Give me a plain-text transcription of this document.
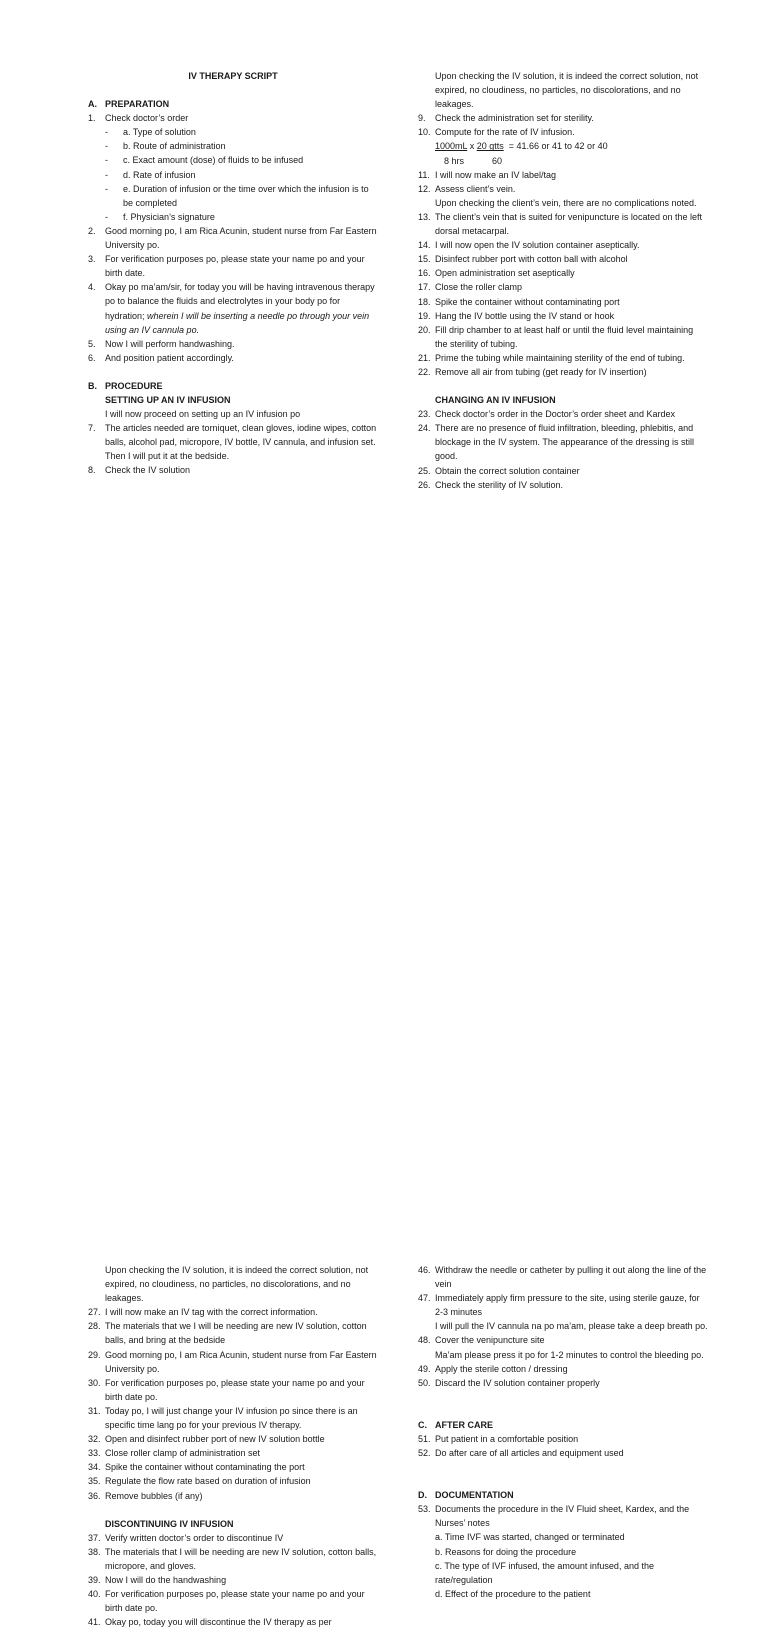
IV THERAPY SCRIPT
A. PREPARATION
1.	Check doctor’s order
-	a. Type of solution
-	b. Route of administration
-	c. Exact amount (dose) of fluids to be infused
-	d. Rate of infusion
-	e. Duration of infusion or the time over which the infusion is to be completed
-	f. Physician’s signature
2.	Good morning po, I am Rica Acunin, student nurse from Far Eastern University po.
3.	For verification purposes po, please state your name po and your birth date.
4.	Okay po ma’am/sir, for today you will be having intravenous therapy po to balance the fluids and electrolytes in your body po for hydration; wherein I will be inserting a needle po through your vein using an IV cannula po.
5.	Now I will perform handwashing.
6.	And position patient accordingly.
B. PROCEDURE
SETTING UP AN IV INFUSION
I will now proceed on setting up an IV infusion po
7.	The articles needed are torniquet, clean gloves, iodine wipes, cotton balls, alcohol pad, micropore, IV bottle, IV cannula, and infusion set. Then I will put it at the bedside.
8.	Check the IV solution
Upon checking the IV solution, it is indeed the correct solution, not expired, no cloudiness, no particles, no discolorations, and no leakages.
9.	Check the administration set for sterility.
10. Compute for the rate of IV infusion.
1000mL x 20 gtts  = 41.66 or 41 to 42 or 40
8 hrs	60
11. I will now make an IV label/tag
12. Assess client’s vein.
Upon checking the client’s vein, there are no complications noted.
13. The client’s vein that is suited for venipuncture is located on the left dorsal metacarpal.
14. I will now open the IV solution container aseptically.
15. Disinfect rubber port with cotton ball with alcohol
16. Open administration set aseptically
17. Close the roller clamp
18. Spike the container without contaminating port
19. Hang the IV bottle using the IV stand or hook
20. Fill drip chamber to at least half or until the fluid level maintaining the sterility of tubing.
21. Prime the tubing while maintaining sterility of the end of tubing.
22. Remove all air from tubing (get ready for IV insertion)
CHANGING AN IV INFUSION
23. Check doctor’s order in the Doctor’s order sheet and Kardex
24. There are no presence of fluid infiltration, bleeding, phlebitis, and blockage in the IV system. The appearance of the dressing is still good.
25. Obtain the correct solution container
26. Check the sterility of IV solution.
Upon checking the IV solution, it is indeed the correct solution, not expired, no cloudiness, no particles, no discolorations, and no leakages.
27. I will now make an IV tag with the correct information.
28. The materials that we I will be needing are new IV solution, cotton balls, and bring at the bedside
29. Good morning po, I am Rica Acunin, student nurse from Far Eastern University po.
30. For verification purposes po, please state your name po and your birth date po.
31. Today po, I will just change your IV infusion po since there is an specific time lang po for your previous IV therapy.
32. Open and disinfect rubber port of new IV solution bottle
33. Close roller clamp of administration set
34. Spike the container without contaminating the port
35. Regulate the flow rate based on duration of infusion
36. Remove bubbles (if any)
DISCONTINUING IV INFUSION
37. Verify written doctor’s order to discontinue IV
38. The materials that I will be needing are new IV solution, cotton balls, micropore, and gloves.
39. Now I will do the handwashing
40. For verification purposes po, please state your name po and your birth date po.
41. Okay po, today you will discontinue the IV therapy as per
46. Withdraw the needle or catheter by pulling it out along the line of the vein
47. Immediately apply firm pressure to the site, using sterile gauze, for 2-3 minutes
I will pull the IV cannula na po ma’am, please take a deep breath po.
48. Cover the venipuncture site
Ma’am please press it po for 1-2 minutes to control the bleeding po.
49. Apply the sterile cotton / dressing
50. Discard the IV solution container properly
C. AFTER CARE
51. Put patient in a comfortable position
52. Do after care of all articles and equipment used
D. DOCUMENTATION
53. Documents the procedure in the IV Fluid sheet, Kardex, and the Nurses’ notes
a. Time IVF was started, changed or terminated
b. Reasons for doing the procedure
c. The type of IVF infused, the amount infused, and the rate/regulation
d. Effect of the procedure to the patient
